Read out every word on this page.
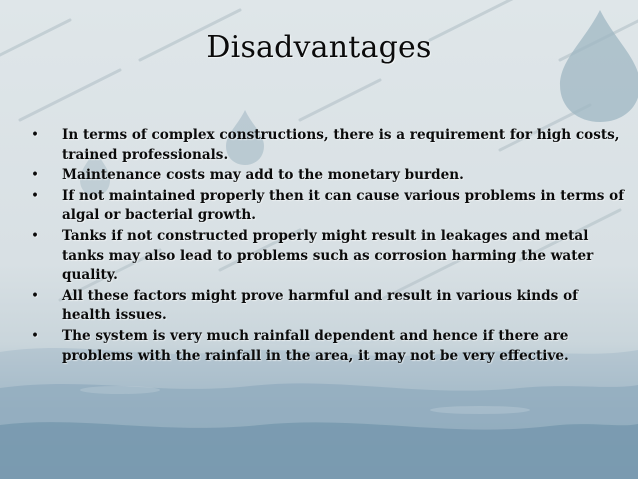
Disadvantages
• In terms of complex constructions, there is a requirement for high costs, trained professionals.
• Maintenance costs may add to the monetary burden.
• If not maintained properly then it can cause various problems in terms of algal or bacterial growth.
• Tanks if not constructed properly might result in leakages and metal tanks may also lead to problems such as corrosion harming the water quality.
• All these factors might prove harmful and result in various kinds of health issues.
• The system is very much rainfall dependent and hence if there are problems with the rainfall in the area, it may not be very effective.
